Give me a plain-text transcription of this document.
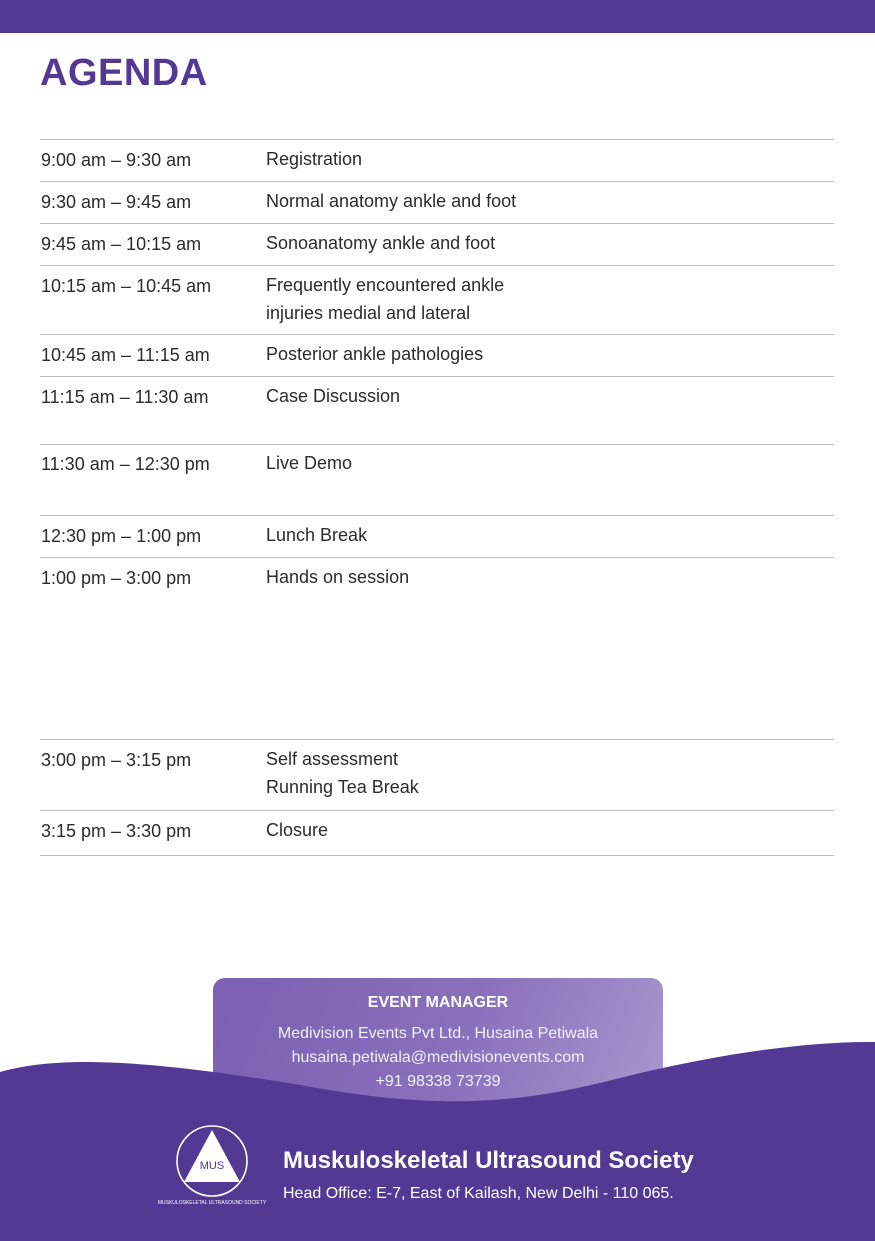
AGENDA
9:00 am – 9:30 am	Registration
9:30 am – 9:45 am	Normal anatomy ankle and foot
9:45 am – 10:15 am	Sonoanatomy ankle and foot
10:15 am – 10:45 am	Frequently encountered ankle
injuries medial and lateral
10:45 am – 11:15 am	Posterior ankle pathologies
11:15 am – 11:30 am	Case Discussion
11:30 am – 12:30 pm	Live Demo
12:30 pm – 1:00 pm	Lunch Break
1:00 pm – 3:00 pm	Hands on session
3:00 pm – 3:15 pm	Self assessment
Running Tea Break
3:15 pm – 3:30 pm	Closure
EVENT MANAGER
Medivision Events Pvt Ltd., Husaina Petiwala
husaina.petiwala@medivisionevents.com
+91 98338 73739
MUS
MUSKULOSKELETAL ULTRASOUND SOCIETY
Muskuloskeletal Ultrasound Society
Head Office: E-7, East of Kailash, New Delhi - 110 065.
